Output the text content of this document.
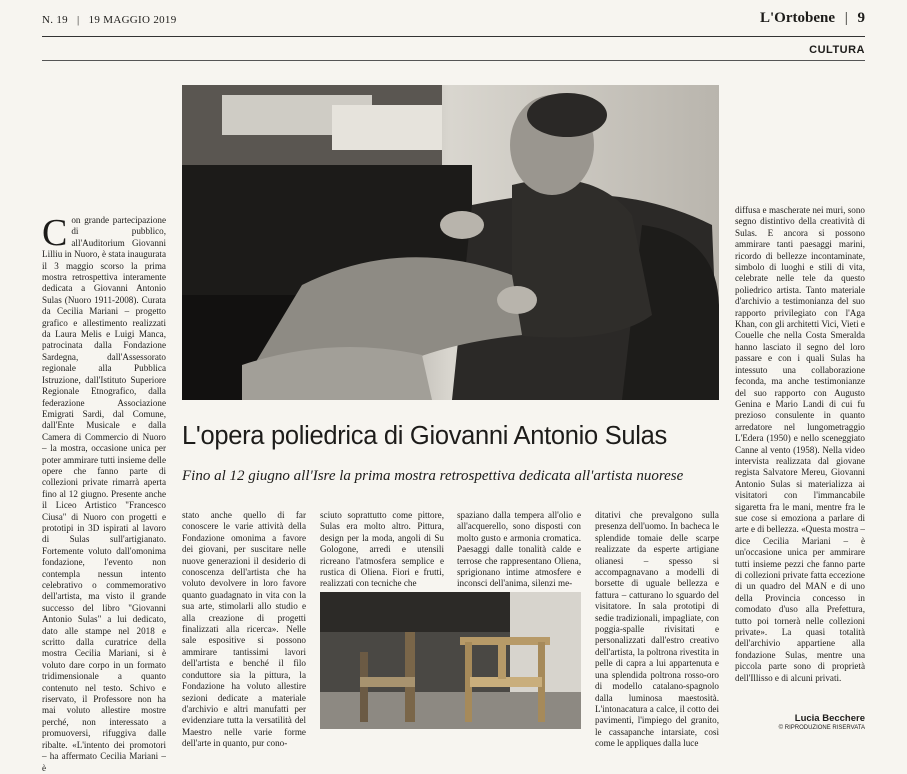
N. 19 | 19 MAGGIO 2019	L'Ortobene | 9
CULTURA
L'opera poliedrica di Giovanni Antonio Sulas
Fino al 12 giugno all'Isre la prima mostra retrospettiva dedicata all'artista nuorese
Con grande partecipazione di pubblico, all'Auditorium Giovanni Lilliu in Nuoro, è stata inaugurata il 3 maggio scorso la prima mostra retrospettiva interamente dedicata a Giovanni Antonio Sulas (Nuoro 1911-2008). Curata da Cecilia Mariani – progetto grafico e allestimento realizzati da Laura Melis e Luigi Manca, patrocinata dalla Fondazione Sardegna, dall'Assessorato regionale alla Pubblica Istruzione, dall'Istituto Superiore Regionale Etnografico, dalla federazione Associazione Emigrati Sardi, dal Comune, dall'Ente Musicale e dalla Camera di Commercio di Nuoro – la mostra, occasione unica per poter ammirare tutti insieme delle opere che fanno parte di collezioni private rimarrà aperta fino al 12 giugno. Presente anche il Liceo Artistico "Francesco Ciusa" di Nuoro con progetti e prototipi in 3D ispirati al lavoro di Sulas sull'artigianato. Fortemente voluto dall'omonima fondazione, l'evento non contempla nessun intento celebrativo o commemorativo dell'artista, ma visto il grande successo del libro "Giovanni Antonio Sulas" a lui dedicato, dato alle stampe nel 2018 e scritto dalla curatrice della mostra Cecilia Mariani, si è voluto dare corpo in un formato tridimensionale a quanto contenuto nel testo. Schivo e riservato, il Professore non ha mai voluto allestire mostre perché, non interessato a promuoversi, rifuggiva dalle ribalte. «L'intento dei promotori – ha affermato Cecilia Mariani – è
stato anche quello di far conoscere le varie attività della Fondazione omonima a favore dei giovani, per suscitare nelle nuove generazioni il desiderio di conoscenza dell'artista che ha voluto devolvere in loro favore quanto guadagnato in vita con la sua arte, stimolarli allo studio e alla creazione di progetti finalizzati alla ricerca». Nelle sale espositive si possono ammirare tantissimi lavori dell'artista e benché il filo conduttore sia la pittura, la Fondazione ha voluto allestire sezioni dedicate a materiale d'archivio e altri manufatti per evidenziare tutta la versatilità del Maestro nelle varie forme dell'arte in quanto, pur cono-
sciuto soprattutto come pittore, Sulas era molto altro. Pittura, design per la moda, angoli di Su Gologone, arredi e utensili ricreano l'atmosfera semplice e rustica di Oliena. Fiori e frutti, realizzati con tecniche che
spaziano dalla tempera all'olio e all'acquerello, sono disposti con molto gusto e armonia cromatica. Paesaggi dalle tonalità calde e terrose che rappresentano Oliena, sprigionano intime atmosfere e inconsci dell'anima, silenzi me-
ditativi che prevalgono sulla presenza dell'uomo. In bacheca le splendide tomaie delle scarpe realizzate da esperte artigiane olianesi – spesso si accompagnavano a modelli di borsette di uguale bellezza e fattura – catturano lo sguardo del visitatore. In sala prototipi di sedie tradizionali, impagliate, con poggia-spalle rivisitati e personalizzati dall'estro creativo dell'artista, la poltrona rivestita in pelle di capra a lui appartenuta e una splendida poltrona rosso-oro di modello catalano-spagnolo dalla luminosa maestosità. L'intonacatura a calce, il cotto dei pavimenti, l'impiego del granito, le cassapanche intarsiate, così come le appliques dalla luce
diffusa e mascherate nei muri, sono segno distintivo della creatività di Sulas. E ancora si possono ammirare tanti paesaggi marini, ricordo di bellezze incontaminate, simbolo di luoghi e stili di vita, celebrate nelle tele da questo poliedrico artista. Tanto materiale d'archivio a testimonianza del suo rapporto privilegiato con l'Aga Khan, con gli architetti Vici, Vieti e Couelle che nella Costa Smeralda hanno lasciato il segno del loro passare e con i quali Sulas ha intessuto una collaborazione feconda, ma anche testimonianze del suo rapporto con Augusto Genina e Mario Landi di cui fu prezioso consulente in quanto arredatore nel lungometraggio L'Edera (1950) e nello sceneggiato Canne al vento (1958). Nella video intervista realizzata dal giovane regista Salvatore Mereu, Giovanni Antonio Sulas si materializza ai visitatori con l'immancabile sigaretta fra le mani, mentre fra le sue cose si emoziona a parlare di arte e di bellezza. «Questa mostra – dice Cecilia Mariani – è un'occasione unica per ammirare tutti insieme pezzi che fanno parte di collezioni private fatta eccezione di un quadro del MAN e di uno della Provincia concesso in comodato d'uso alla Prefettura, tutto poi tornerà nelle collezioni private». La quasi totalità dell'archivio appartiene alla fondazione Sulas, mentre una piccola parte sono di proprietà dell'Illisso e di alcuni privati.
Lucia Becchere
© RIPRODUZIONE RISERVATA
